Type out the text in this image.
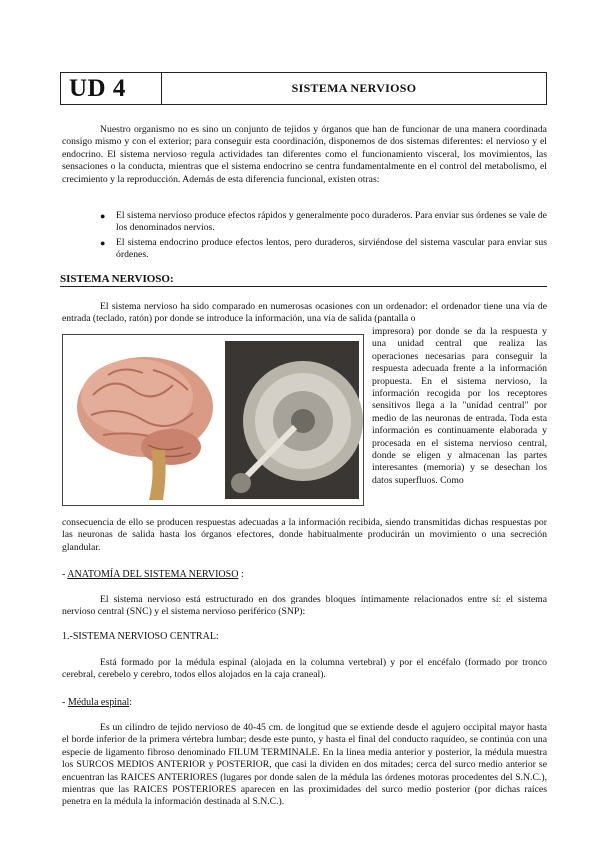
UD 4	SISTEMA NERVIOSO

Nuestro organismo no es sino un conjunto de tejidos y órganos que han de funcionar de una manera coordinada consigo mismo y con el exterior; para conseguir esta coordinación, disponemos de dos sistemas diferentes: el nervioso y el endocrino. El sistema nervioso regula actividades tan diferentes como el funcionamiento visceral, los movimientos, las sensaciones o la conducta, mientras que el sistema endocrino se centra fundamentalmente en el control del metabolismo, el crecimiento y la reproducción. Además de esta diferencia funcional, existen otras:

● El sistema nervioso produce efectos rápidos y generalmente poco duraderos. Para enviar sus órdenes se vale de los denominados nervios.
● El sistema endocrino produce efectos lentos, pero duraderos, sirviéndose del sistema vascular para enviar sus órdenes.
SISTEMA NERVIOSO:

El sistema nervioso ha sido comparado en numerosas ocasiones con un ordenador: el ordenador tiene una vía de entrada (teclado, ratón) por donde se introduce la información, una vía de salida (pantalla o

impresora) por donde se da la respuesta y una unidad central que realiza las operaciones necesarias para conseguir la respuesta adecuada frente a la información propuesta. En el sistema nervioso, la información recogida por los receptores sensitivos llega a la "unidad central" por medio de las neuronas de entrada. Toda esta información es continuamente elaborada y procesada en el sistema nervioso central, donde se eligen y almacenan las partes interesantes (memoria) y se desechan los datos superfluos. Como

consecuencia de ello se producen respuestas adecuadas a la información recibida, siendo transmitidas dichas respuestas por las neuronas de salida hasta los órganos efectores, donde habitualmente producirán un movimiento o una secreción glandular.

- ANATOMÍA DEL SISTEMA NERVIOSO :

El sistema nervioso está estructurado en dos grandes bloques íntimamente relacionados entre sí: el sistema nervioso central (SNC) y el sistema nervioso periférico (SNP):

1.-SISTEMA NERVIOSO CENTRAL:

Está formado por la médula espinal (alojada en la columna vertebral) y por el encéfalo (formado por tronco cerebral, cerebelo y cerebro, todos ellos alojados en la caja craneal).

- Médula espinal:

Es un cilindro de tejido nervioso de 40-45 cm. de longitud que se extiende desde el agujero occipital mayor hasta el borde inferior de la primera vértebra lumbar; desde este punto, y hasta el final del conducto raquídeo, se continúa con una especie de ligamento fibroso denominado FILUM TERMINALE. En la línea media anterior y posterior, la médula muestra los SURCOS MEDIOS ANTERIOR y POSTERIOR, que casi la dividen en dos mitades; cerca del surco medio anterior se encuentran las RAICES ANTERIORES (lugares por donde salen de la médula las órdenes motoras procedentes del S.N.C.), mientras que las RAICES POSTERIORES aparecen en las proximidades del surco medio posterior (por dichas raíces penetra en la médula la información destinada al S.N.C.).
